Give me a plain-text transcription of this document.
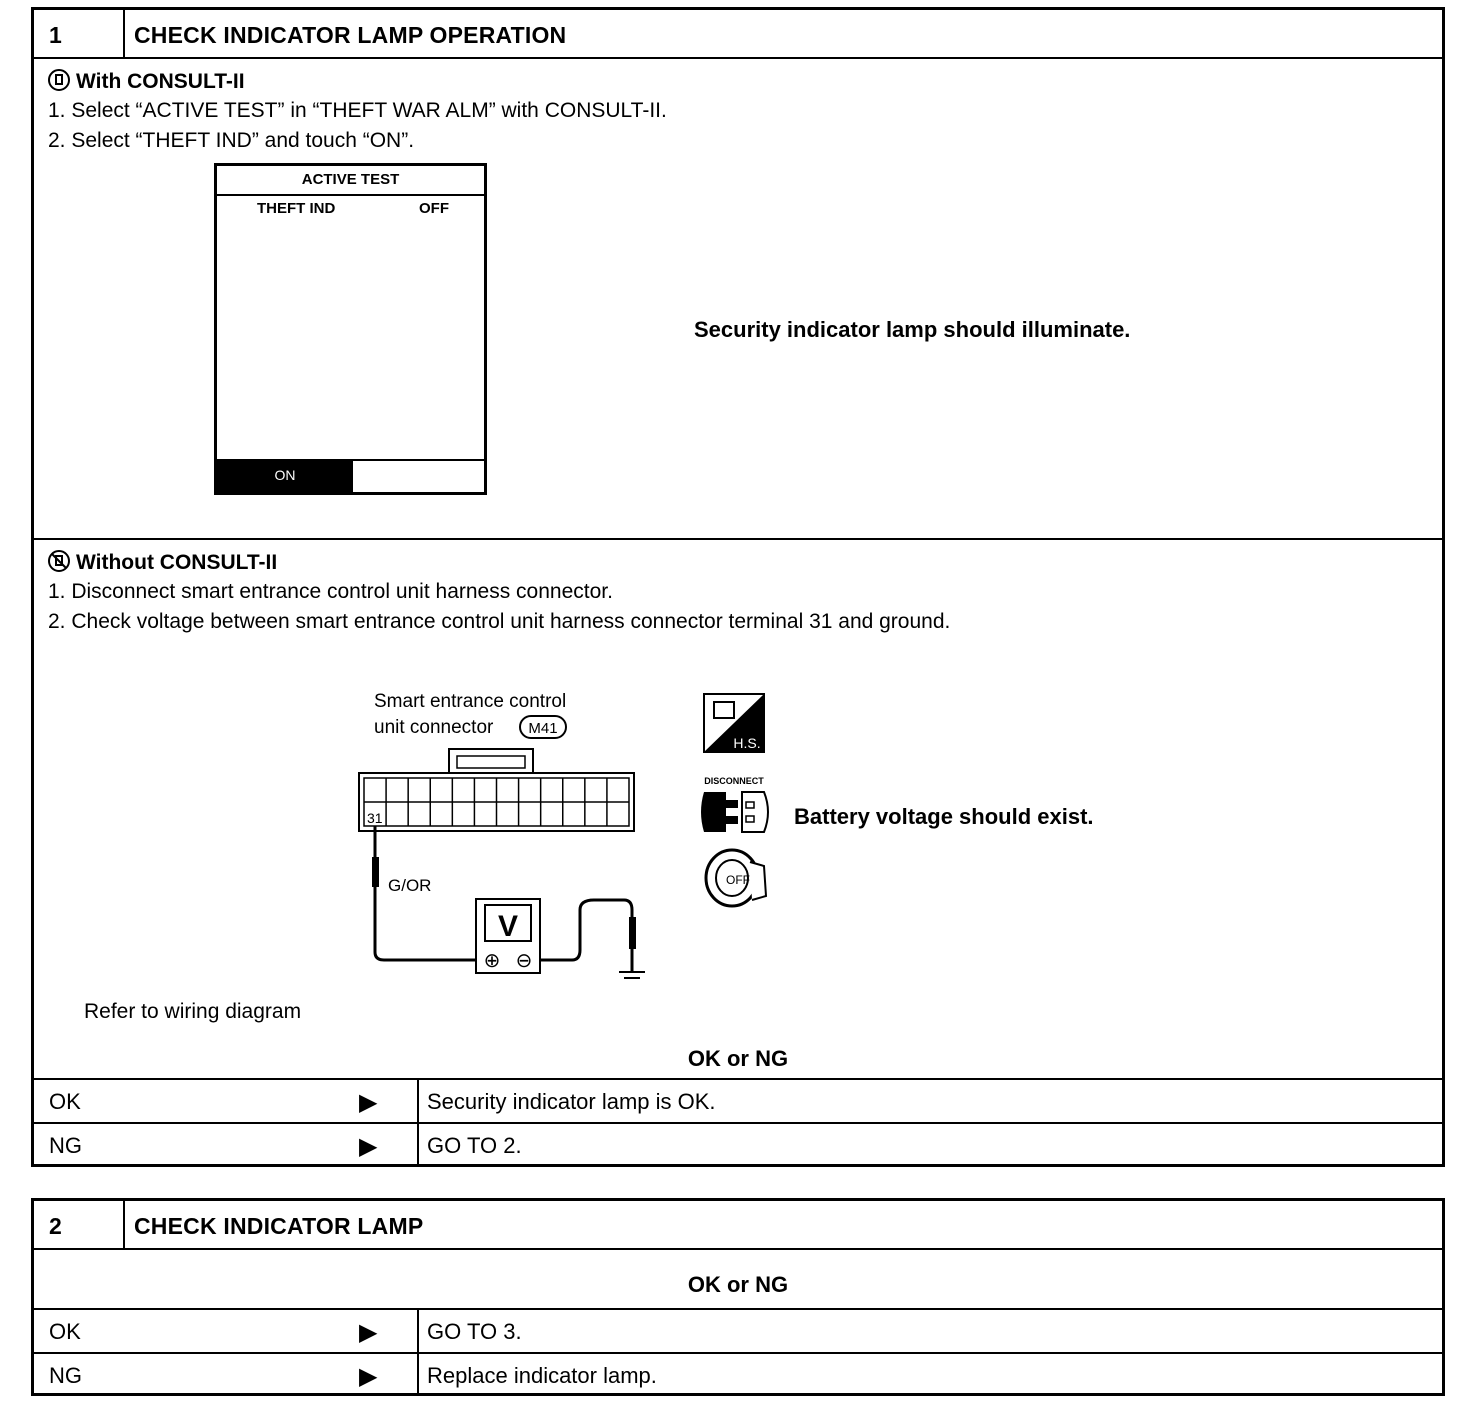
1	CHECK INDICATOR LAMP OPERATION
With CONSULT-II
1. Select “ACTIVE TEST” in “THEFT WAR ALM” with CONSULT-II.
2. Select “THEFT IND” and touch “ON”.
ACTIVE TEST
THEFT IND	OFF
ON
Security indicator lamp should illuminate.
Without CONSULT-II
1. Disconnect smart entrance control unit harness connector.
2. Check voltage between smart entrance control unit harness connector terminal 31 and ground.
Smart entrance control
unit connector M41
31
G/OR
V
⊕ ⊖
H.S.
DISCONNECT
OFF
Battery voltage should exist.
Refer to wiring diagram
OK or NG
OK	▶ Security indicator lamp is OK.
NG	▶ GO TO 2.
2	CHECK INDICATOR LAMP
OK or NG
OK	▶ GO TO 3.
NG	▶ Replace indicator lamp.
